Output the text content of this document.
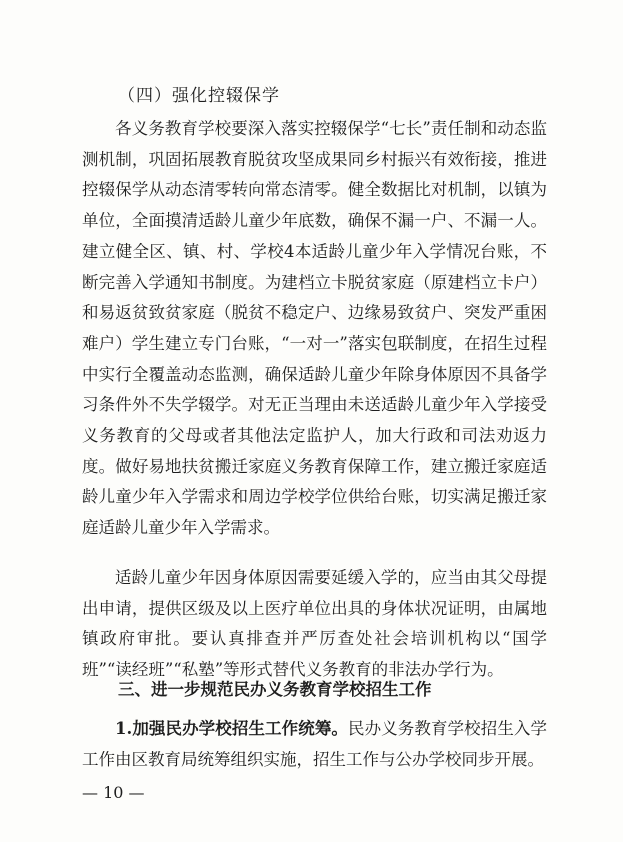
（四）强化控辍保学

各义务教育学校要深入落实控辍保学“七长”责任制和动态监测机制，巩固拓展教育脱贫攻坚成果同乡村振兴有效衔接，推进控辍保学从动态清零转向常态清零。健全数据比对机制，以镇为单位，全面摸清适龄儿童少年底数，确保不漏一户、不漏一人。建立健全区、镇、村、学校4本适龄儿童少年入学情况台账，不断完善入学通知书制度。为建档立卡脱贫家庭（原建档立卡户）和易返贫致贫家庭（脱贫不稳定户、边缘易致贫户、突发严重困难户）学生建立专门台账，“一对一”落实包联制度，在招生过程中实行全覆盖动态监测，确保适龄儿童少年除身体原因不具备学习条件外不失学辍学。对无正当理由未送适龄儿童少年入学接受义务教育的父母或者其他法定监护人，加大行政和司法劝返力度。做好易地扶贫搬迁家庭义务教育保障工作，建立搬迁家庭适龄儿童少年入学需求和周边学校学位供给台账，切实满足搬迁家庭适龄儿童少年入学需求。

适龄儿童少年因身体原因需要延缓入学的，应当由其父母提出申请，提供区级及以上医疗单位出具的身体状况证明，由属地镇政府审批。要认真排查并严厉查处社会培训机构以“国学班”“读经班”“私塾”等形式替代义务教育的非法办学行为。

三、进一步规范民办义务教育学校招生工作

1.加强民办学校招生工作统筹。民办义务教育学校招生入学工作由区教育局统筹组织实施，招生工作与公办学校同步开展。

— 10 —
